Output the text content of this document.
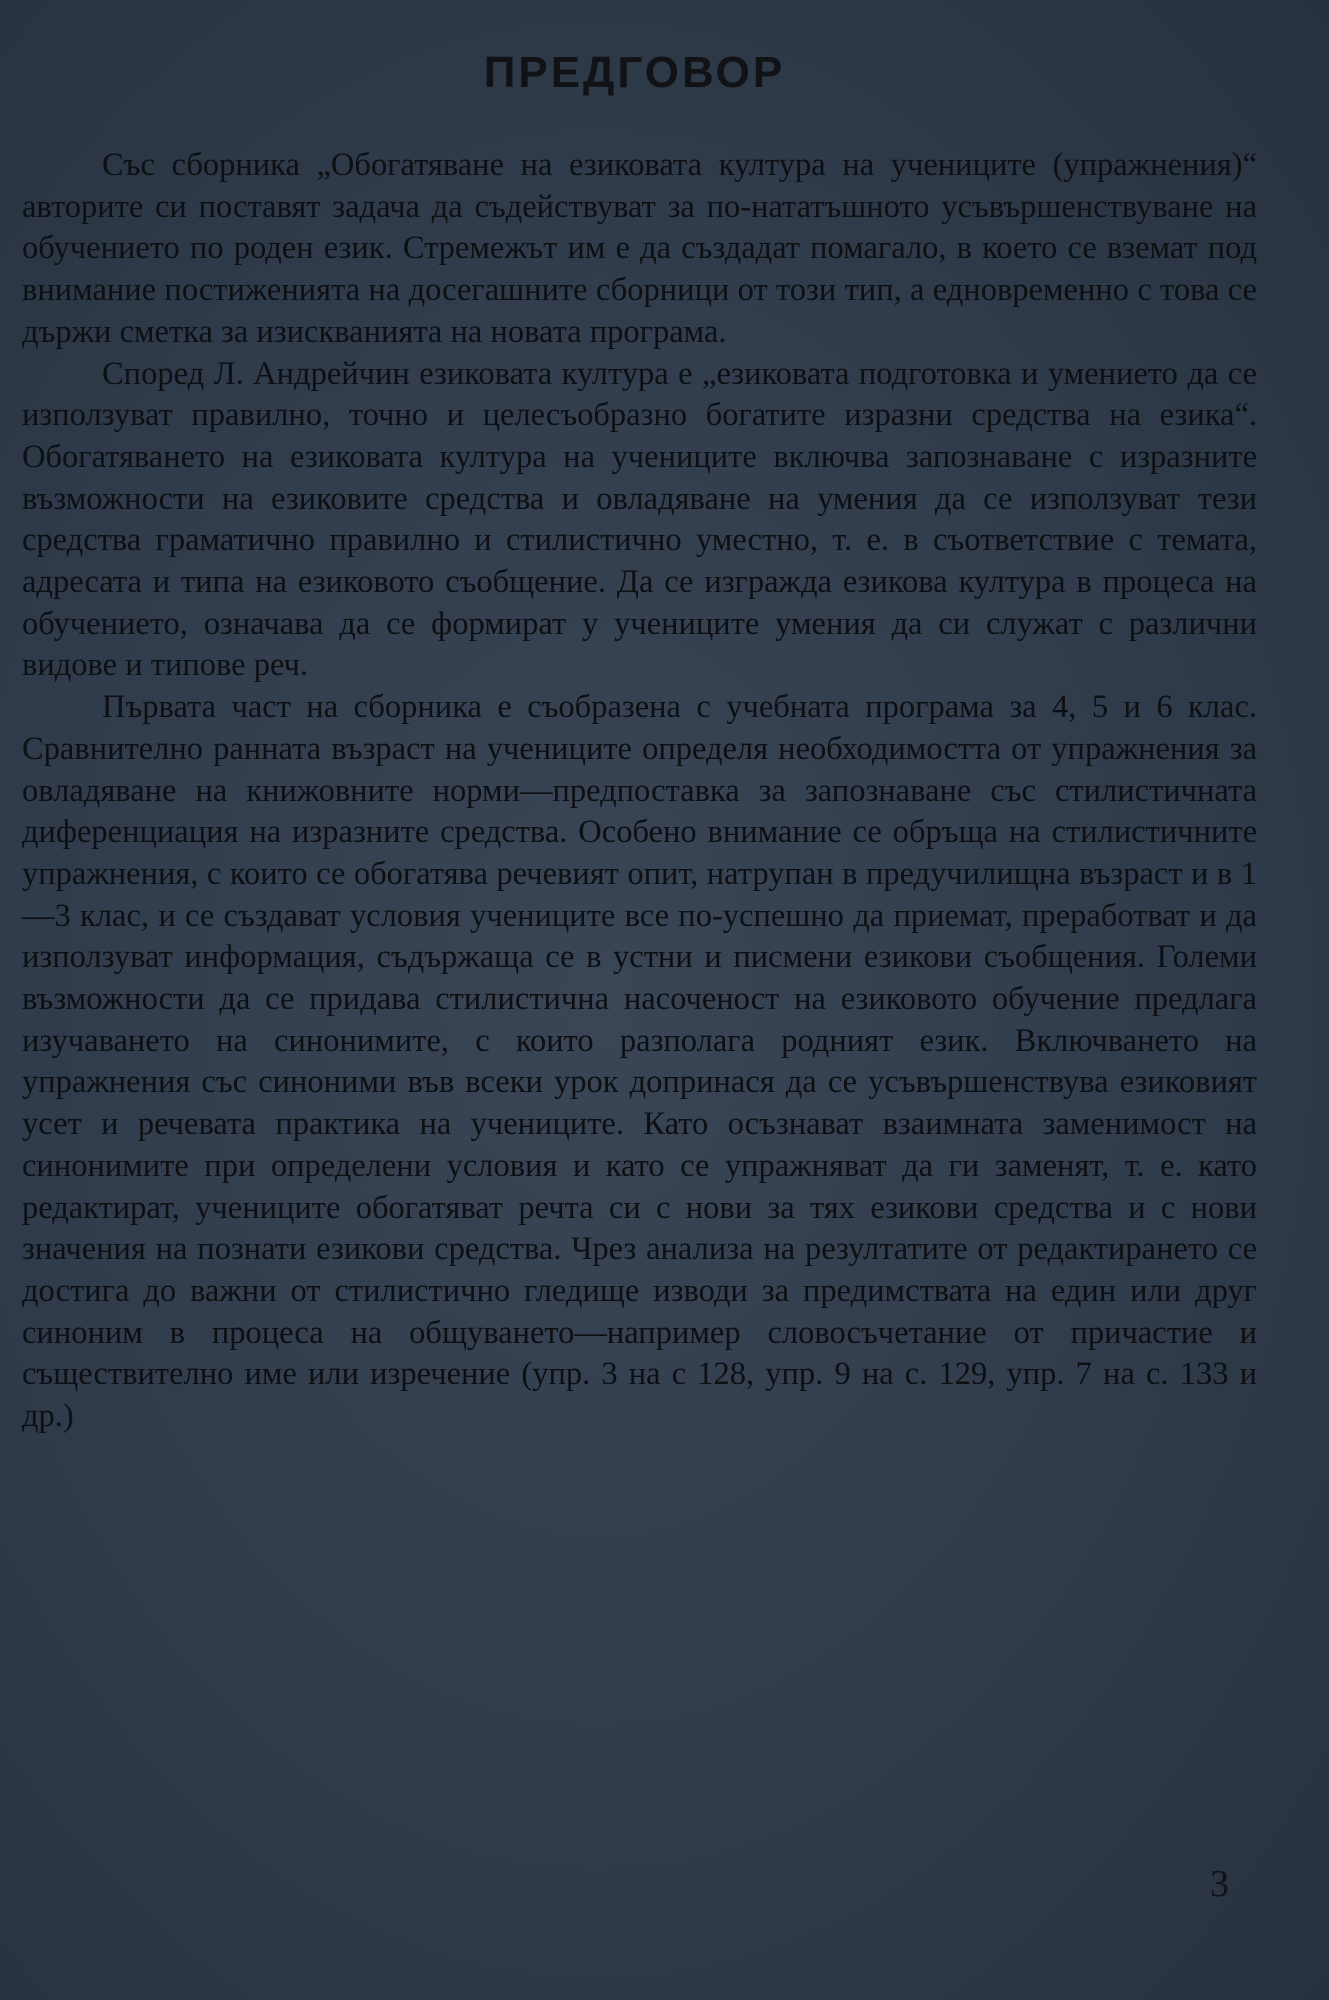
ПРЕДГОВОР

Със сборника „Обогатяване на езиковата култура на учениците (упражнения)“ авторите си поставят задача да съдействуват за по-нататъшното усъвършенствуване на обучението по роден език. Стремежът им е да създадат помагало, в което се вземат под внимание постиженията на досегашните сборници от този тип, а едновременно с това се държи сметка за изискванията на новата програма.

Според Л. Андрейчин езиковата култура е „езиковата подготовка и умението да се използуват правилно, точно и целесъобразно богатите изразни средства на езика“. Обогатяването на езиковата култура на учениците включва запознаване с изразните възможности на езиковите средства и овладяване на умения да се използуват тези средства граматично правилно и стилистично уместно, т. е. в съответствие с темата, адресата и типа на езиковото съобщение. Да се изгражда езикова култура в процеса на обучението, означава да се формират у учениците умения да си служат с различни видове и типове реч.

Първата част на сборника е съобразена с учебната програма за 4, 5 и 6 клас. Сравнително ранната възраст на учениците определя необходимостта от упражнения за овладяване на книжовните норми—предпоставка за запознаване със стилистичната диференциация на изразните средства. Особено внимание се обръща на стилистичните упражнения, с които се обогатява речевият опит, натрупан в предучилищна възраст и в 1—3 клас, и се създават условия учениците все по-успешно да приемат, преработват и да използуват информация, съдържаща се в устни и писмени езикови съобщения. Големи възможности да се придава стилистична насоченост на езиковото обучение предлага изучаването на синонимите, с които разполага родният език. Включването на упражнения със синоними във всеки урок допринася да се усъвършенствува езиковият усет и речевата практика на учениците. Като осъзнават взаимната заменимост на синонимите при определени условия и като се упражняват да ги заменят, т. е. като редактират, учениците обогатяват речта си с нови за тях езикови средства и с нови значения на познати езикови средства. Чрез анализа на резултатите от редактирането се достига до важни от стилистично гледище изводи за предимствата на един или друг синоним в процеса на общуването—например словосъчетание от причастие и съществително име или изречение (упр. 3 на с 128, упр. 9 на с. 129, упр. 7 на с. 133 и др.)

3
